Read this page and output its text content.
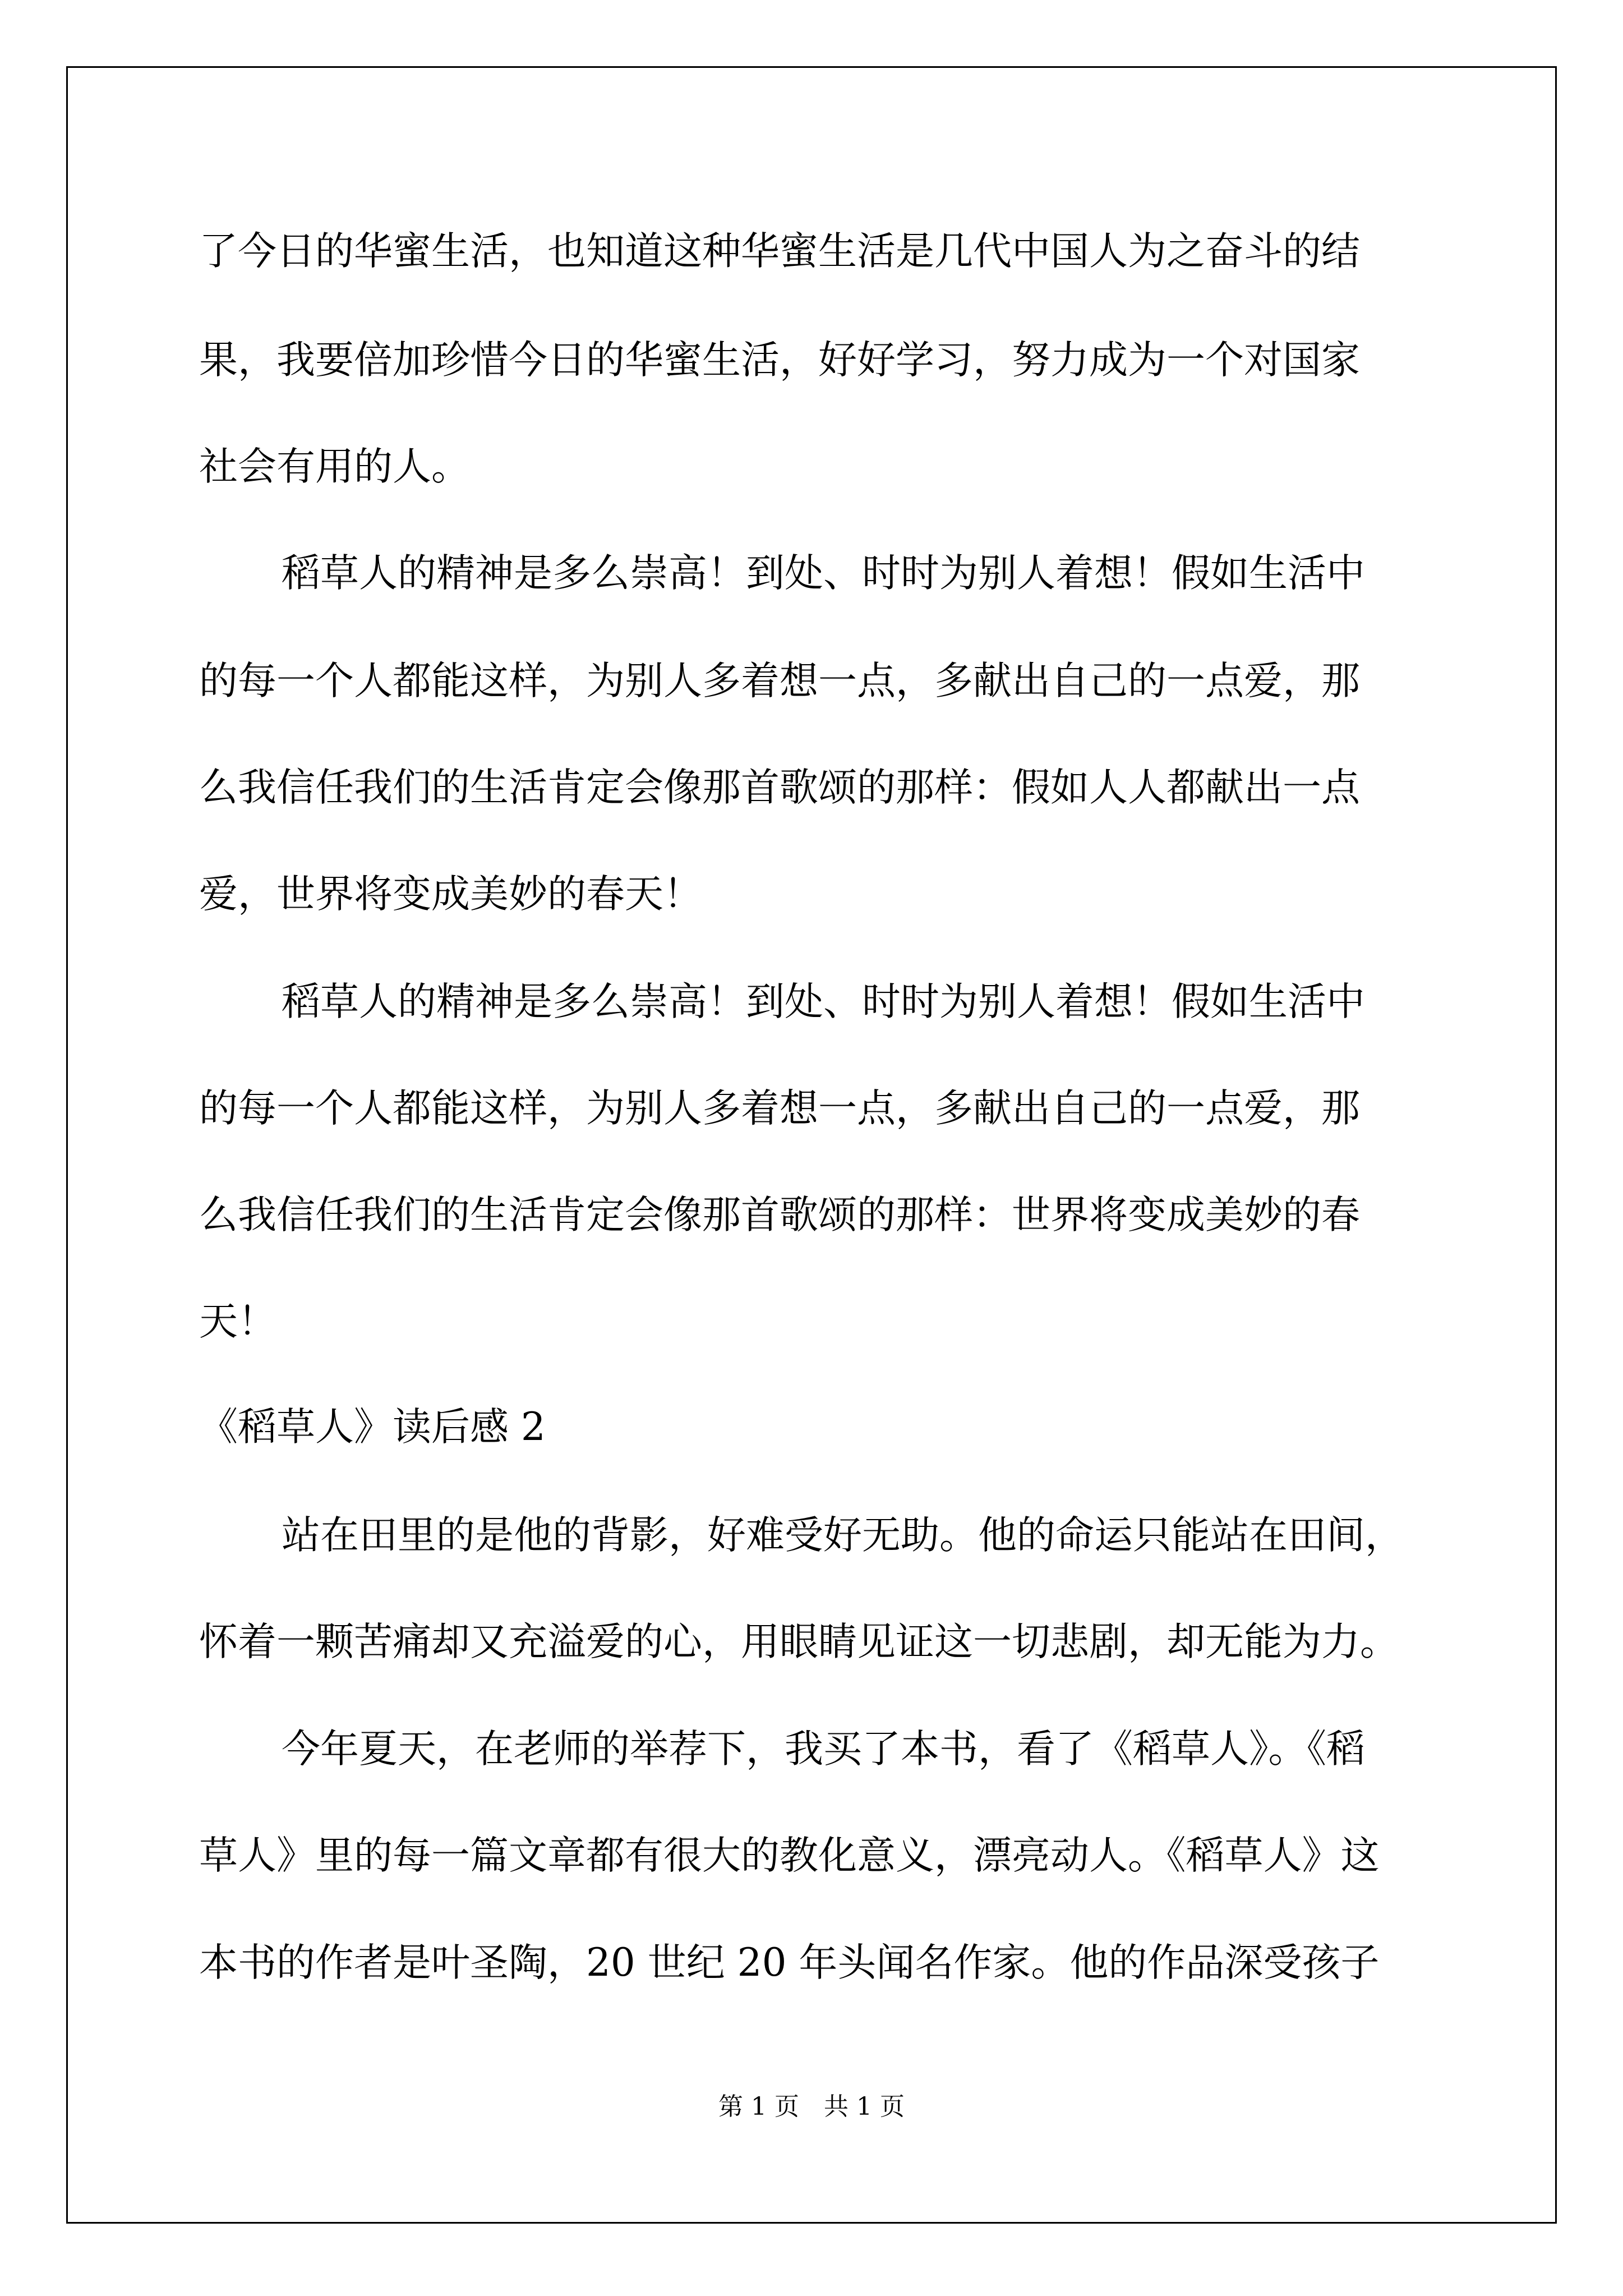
了今日的华蜜生活，也知道这种华蜜生活是几代中国人为之奋斗的结

果，我要倍加珍惜今日的华蜜生活，好好学习，努力成为一个对国家

社会有用的人。

稻草人的精神是多么崇高！到处、时时为别人着想！假如生活中

的每一个人都能这样，为别人多着想一点，多献出自己的一点爱，那

么我信任我们的生活肯定会像那首歌颂的那样：假如人人都献出一点

爱，世界将变成美妙的春天！

稻草人的精神是多么崇高！到处、时时为别人着想！假如生活中

的每一个人都能这样，为别人多着想一点，多献出自己的一点爱，那

么我信任我们的生活肯定会像那首歌颂的那样：世界将变成美妙的春

天！

《稻草人》读后感 2

站在田里的是他的背影，好难受好无助。他的命运只能站在田间，

怀着一颗苦痛却又充溢爱的心，用眼睛见证这一切悲剧，却无能为力。

今年夏天，在老师的举荐下，我买了本书，看了《稻草人》。《稻

草人》里的每一篇文章都有很大的教化意义，漂亮动人。《稻草人》这

本书的作者是叶圣陶，20 世纪 20 年头闻名作家。他的作品深受孩子

第 1 页　共 1 页
